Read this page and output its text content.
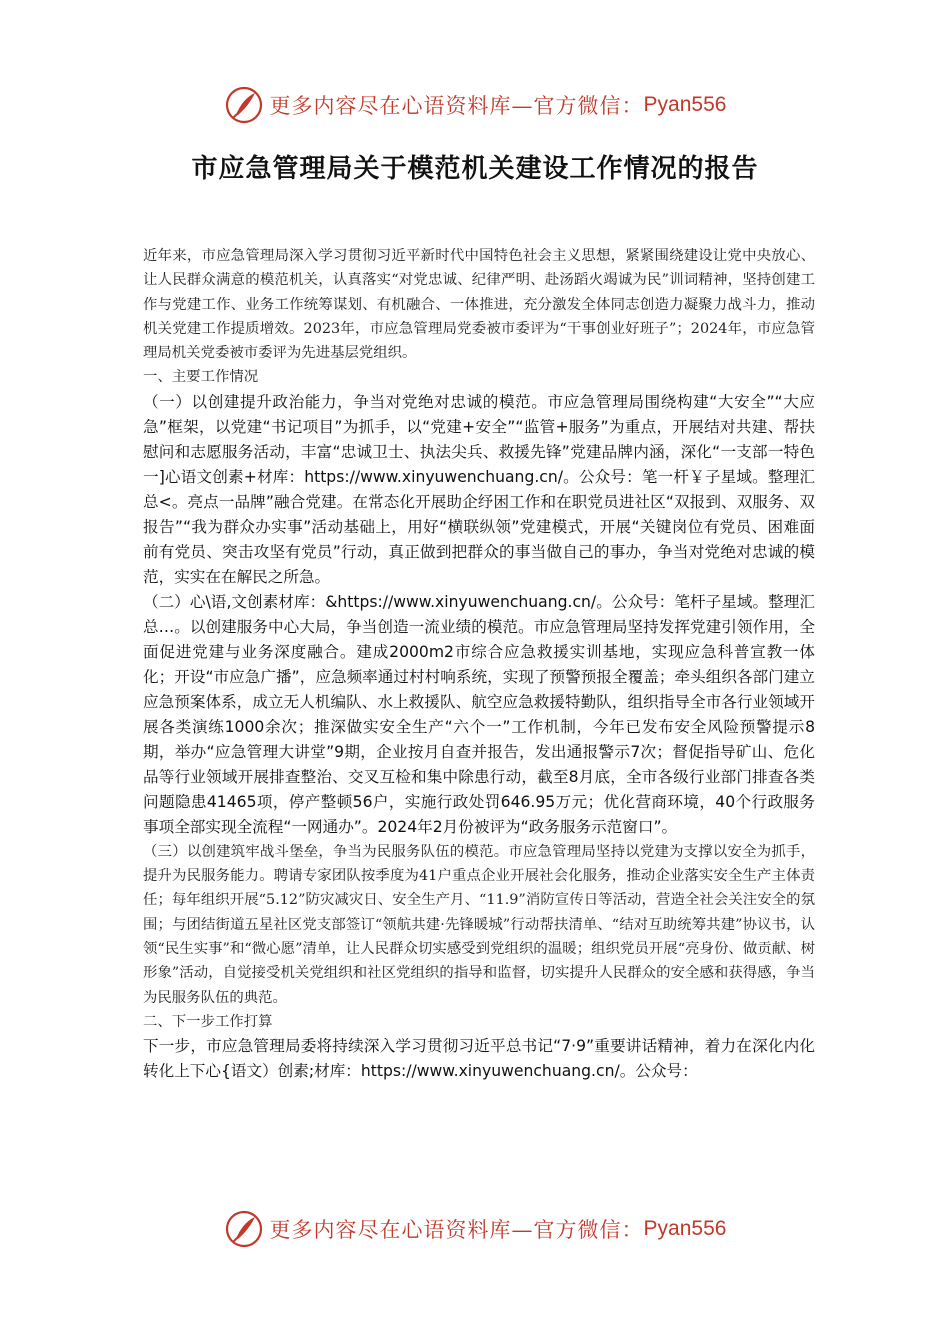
更多内容尽在心语资料库—官方微信： Pyan556
市应急管理局关于模范机关建设工作情况的报告

近年来，市应急管理局深入学习贯彻习近平新时代中国特色社会主义思想，紧紧围绕建设让党中央放心、让人民群众满意的模范机关，认真落实“对党忠诚、纪律严明、赴汤蹈火竭诚为民”训词精神，坚持创建工作与党建工作、业务工作统筹谋划、有机融合、一体推进，充分激发全体同志创造力凝聚力战斗力，推动机关党建工作提质增效。2023年，市应急管理局党委被市委评为“干事创业好班子”；2024年，市应急管理局机关党委被市委评为先进基层党组织。

一、主要工作情况

（一）以创建提升政治能力，争当对党绝对忠诚的模范。市应急管理局围绕构建“大安全”“大应急”框架，以党建“书记项目”为抓手，以“党建+安全”“监管+服务”为重点，开展结对共建、帮扶慰问和志愿服务活动，丰富“忠诚卫士、执法尖兵、救援先锋”党建品牌内涵，深化“一支部一特色一]心语文创素+材库：https://www.xinyuwenchuang.cn/。公众号：笔一杆￥子星域。整理汇总<。亮点一品牌”融合党建。在常态化开展助企纾困工作和在职党员进社区“双报到、双服务、双报告”“我为群众办实事”活动基础上，用好“横联纵领”党建模式，开展“关键岗位有党员、困难面前有党员、突击攻坚有党员”行动，真正做到把群众的事当做自己的事办，争当对党绝对忠诚的模范，实实在在解民之所急。

（二）心\语,文创素材库：&https://www.xinyuwenchuang.cn/。公众号：笔杆子星域。整理汇总…。以创建服务中心大局，争当创造一流业绩的模范。市应急管理局坚持发挥党建引领作用，全面促进党建与业务深度融合。建成2000m2市综合应急救援实训基地，实现应急科普宣教一体化；开设“市应急广播”，应急频率通过村村响系统，实现了预警预报全覆盖；牵头组织各部门建立应急预案体系，成立无人机编队、水上救援队、航空应急救援特勤队，组织指导全市各行业领域开展各类演练1000余次；推深做实安全生产“六个一”工作机制，今年已发布安全风险预警提示8期，举办“应急管理大讲堂”9期，企业按月自查并报告，发出通报警示7次；督促指导矿山、危化品等行业领域开展排查整治、交叉互检和集中除患行动，截至8月底，全市各级行业部门排查各类问题隐患41465项，停产整顿56户，实施行政处罚646.95万元；优化营商环境，40个行政服务事项全部实现全流程“一网通办”。2024年2月份被评为“政务服务示范窗口”。

（三）以创建筑牢战斗堡垒，争当为民服务队伍的模范。市应急管理局坚持以党建为支撑以安全为抓手，提升为民服务能力。聘请专家团队按季度为41户重点企业开展社会化服务，推动企业落实安全生产主体责任；每年组织开展“5.12”防灾减灾日、安全生产月、“11.9”消防宣传日等活动，营造全社会关注安全的氛围；与团结街道五星社区党支部签订“领航共建·先锋暖城”行动帮扶清单、“结对互助统筹共建”协议书，认领“民生实事”和“微心愿”清单，让人民群众切实感受到党组织的温暖；组织党员开展“亮身份、做贡献、树形象”活动，自觉接受机关党组织和社区党组织的指导和监督，切实提升人民群众的安全感和获得感，争当为民服务队伍的典范。

二、下一步工作打算

下一步，市应急管理局委将持续深入学习贯彻习近平总书记“7·9”重要讲话精神，着力在深化内化转化上下心{语文）创素;材库：https://www.xinyuwenchuang.cn/。公众号：

更多内容尽在心语资料库—官方微信： Pyan556
